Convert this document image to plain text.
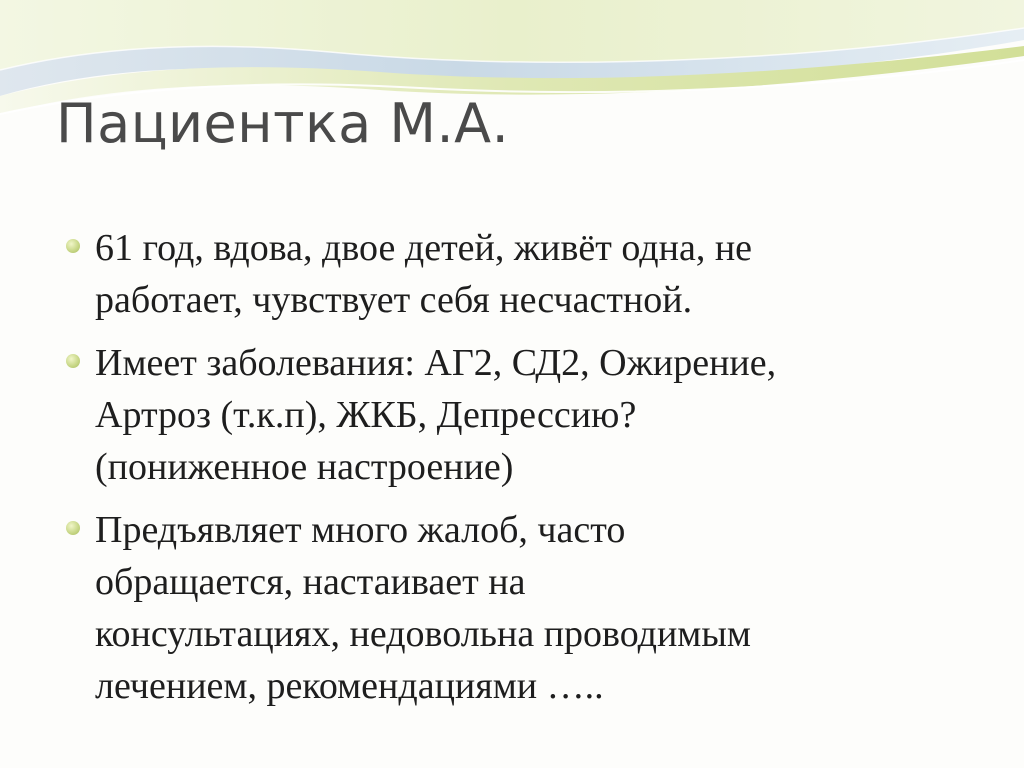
Пациентка М.А.
61 год, вдова, двое детей, живёт одна, не
работает, чувствует себя несчастной.
Имеет заболевания: АГ2, СД2, Ожирение,
Артроз (т.к.п), ЖКБ, Депрессию?
(пониженное настроение)
Предъявляет много жалоб, часто
обращается, настаивает на
консультациях, недовольна проводимым
лечением, рекомендациями …..
